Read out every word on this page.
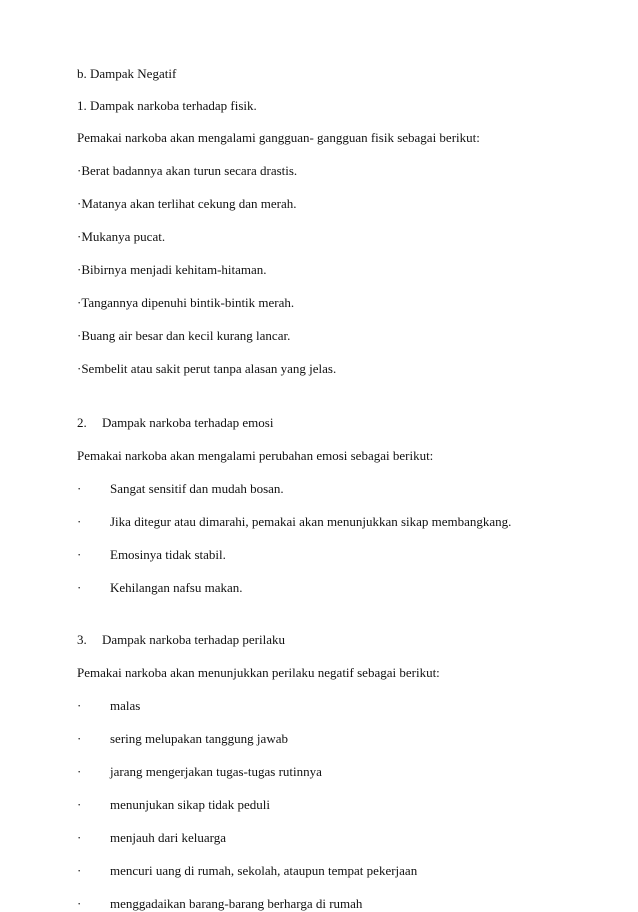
b. Dampak Negatif
1. Dampak narkoba terhadap fisik.
Pemakai narkoba akan mengalami gangguan- gangguan fisik sebagai berikut:
·Berat badannya akan turun secara drastis.
·Matanya akan terlihat cekung dan merah.
·Mukanya pucat.
·Bibirnya menjadi kehitam-hitaman.
·Tangannya dipenuhi bintik-bintik merah.
·Buang air besar dan kecil kurang lancar.
·Sembelit atau sakit perut tanpa alasan yang jelas.
2. Dampak narkoba terhadap emosi
Pemakai narkoba akan mengalami perubahan emosi sebagai berikut:
· Sangat sensitif dan mudah bosan.
· Jika ditegur atau dimarahi, pemakai akan menunjukkan sikap membangkang.
· Emosinya tidak stabil.
· Kehilangan nafsu makan.
3. Dampak narkoba terhadap perilaku
Pemakai narkoba akan menunjukkan perilaku negatif sebagai berikut:
· malas
· sering melupakan tanggung jawab
· jarang mengerjakan tugas-tugas rutinnya
· menunjukan sikap tidak peduli
· menjauh dari keluarga
· mencuri uang di rumah, sekolah, ataupun tempat pekerjaan
· menggadaikan barang-barang berharga di rumah
